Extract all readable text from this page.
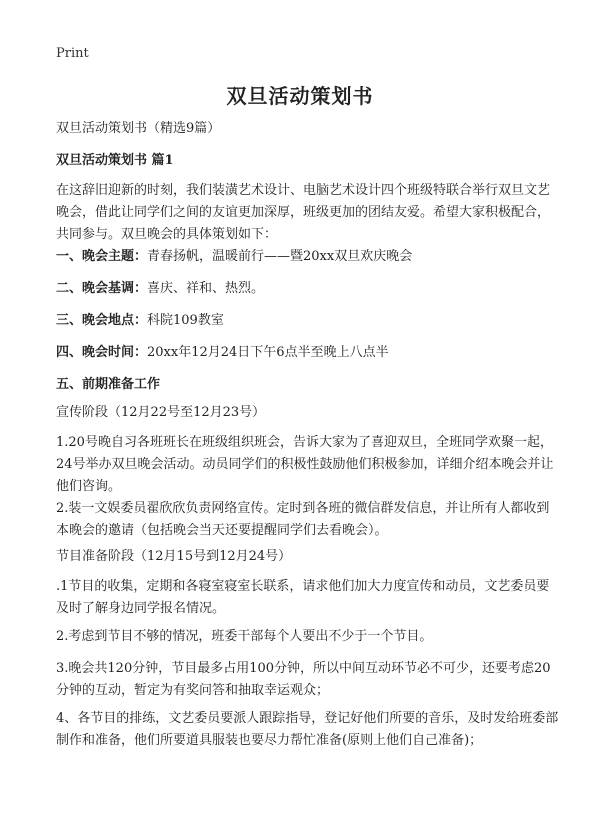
Print
双旦活动策划书
双旦活动策划书（精选9篇）
双旦活动策划书 篇1
在这辞旧迎新的时刻，我们装潢艺术设计、电脑艺术设计四个班级特联合举行双旦文艺晚会，借此让同学们之间的友谊更加深厚，班级更加的团结友爱。希望大家积极配合，共同参与。双旦晚会的具体策划如下：
一、晚会主题：青春扬帆，温暖前行——暨20xx双旦欢庆晚会
二、晚会基调：喜庆、祥和、热烈。
三、晚会地点：科院109教室
四、晚会时间：20xx年12月24日下午6点半至晚上八点半
五、前期准备工作
宣传阶段（12月22号至12月23号）
1.20号晚自习各班班长在班级组织班会，告诉大家为了喜迎双旦，全班同学欢聚一起，24号举办双旦晚会活动。动员同学们的积极性鼓励他们积极参加，详细介绍本晚会并让他们咨询。
2.装一文娱委员翟欣欣负责网络宣传。定时到各班的微信群发信息，并让所有人都收到本晚会的邀请（包括晚会当天还要提醒同学们去看晚会）。
节目准备阶段（12月15号到12月24号）
.1节目的收集，定期和各寝室寝室长联系，请求他们加大力度宣传和动员，文艺委员要及时了解身边同学报名情况。
2.考虑到节目不够的情况，班委干部每个人要出不少于一个节目。
3.晚会共120分钟，节目最多占用100分钟，所以中间互动环节必不可少，还要考虑20分钟的互动，暂定为有奖问答和抽取幸运观众；
4、各节目的排练，文艺委员要派人跟踪指导，登记好他们所要的音乐，及时发给班委部制作和准备，他们所要道具服装也要尽力帮忙准备(原则上他们自己准备)；
